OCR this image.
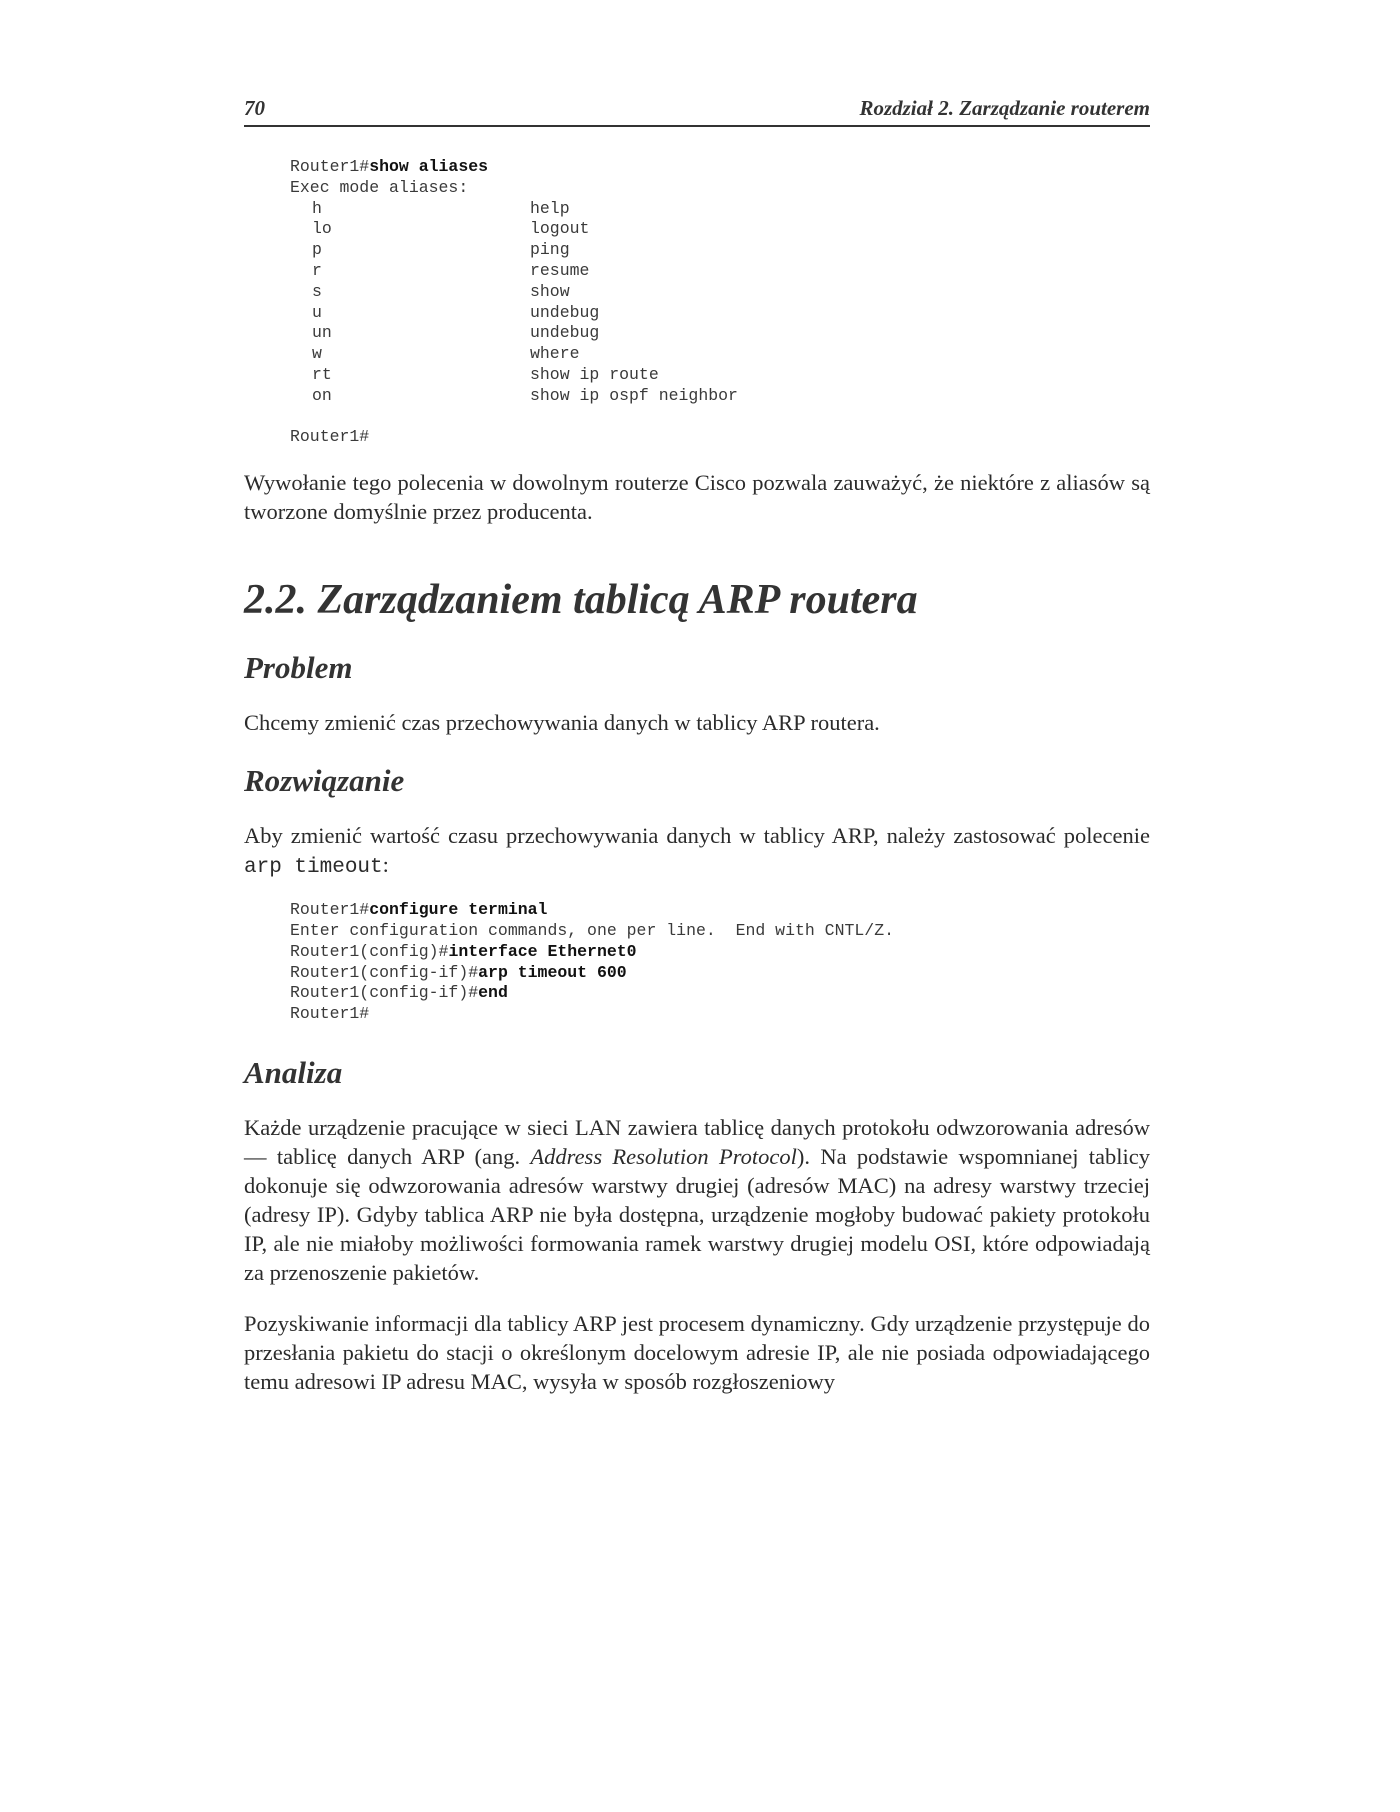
70	Rozdział 2. Zarządzanie routerem
Router1#show aliases
Exec mode aliases:
h	help
lo	logout
p	ping
r	resume
s	show
u	undebug
un	undebug
w	where
rt	show ip route
on	show ip ospf neighbor
Router1#

Wywołanie tego polecenia w dowolnym routerze Cisco pozwala zauważyć, że niektóre z aliasów są tworzone domyślnie przez producenta.

2.2. Zarządzaniem tablicą ARP routera
Problem

Chcemy zmienić czas przechowywania danych w tablicy ARP routera.

Rozwiązanie

Aby zmienić wartość czasu przechowywania danych w tablicy ARP, należy zastosować polecenie arp timeout:

Router1#configure terminal
Enter configuration commands, one per line.  End with CNTL/Z.
Router1(config)#interface Ethernet0
Router1(config-if)#arp timeout 600
Router1(config-if)#end
Router1#
Analiza

Każde urządzenie pracujące w sieci LAN zawiera tablicę danych protokołu odwzorowania adresów — tablicę danych ARP (ang. Address Resolution Protocol). Na podstawie wspomnianej tablicy dokonuje się odwzorowania adresów warstwy drugiej (adresów MAC) na adresy warstwy trzeciej (adresy IP). Gdyby tablica ARP nie była dostępna, urządzenie mogłoby budować pakiety protokołu IP, ale nie miałoby możliwości formowania ramek warstwy drugiej modelu OSI, które odpowiadają za przenoszenie pakietów.

Pozyskiwanie informacji dla tablicy ARP jest procesem dynamiczny. Gdy urządzenie przystępuje do przesłania pakietu do stacji o określonym docelowym adresie IP, ale nie posiada odpowiadającego temu adresowi IP adresu MAC, wysyła w sposób rozgłoszeniowy
